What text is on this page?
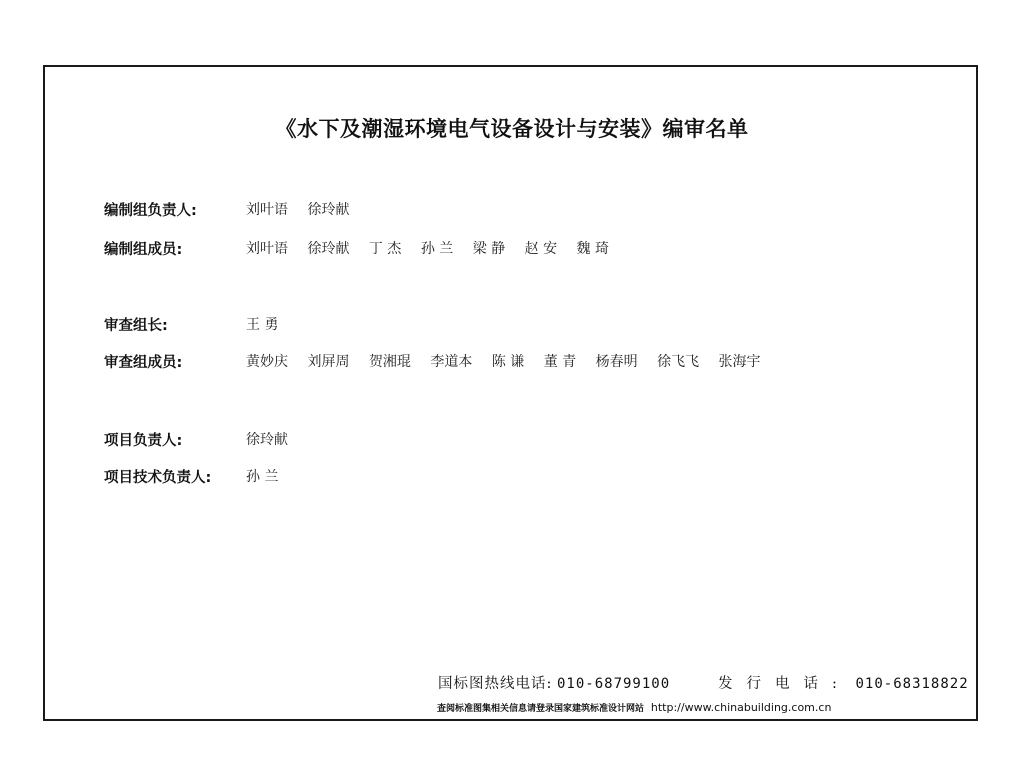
《水下及潮湿环境电气设备设计与安装》编审名单
编制组负责人:	刘叶语 徐玲献
编制组成员:	刘叶语 徐玲献 丁 杰 孙 兰 梁 静 赵 安 魏 琦
审查组长:	王 勇
审查组成员:	黄妙庆 刘屏周 贺湘琨 李道本 陈 谦 董 青 杨春明 徐飞飞 张海宇
项目负责人:	徐玲献
项目技术负责人: 孙 兰
国标图热线电话: 010-68799100	发行电话: 010-68318822
查阅标准图集相关信息请登录国家建筑标准设计网站 http://www.chinabuilding.com.cn
